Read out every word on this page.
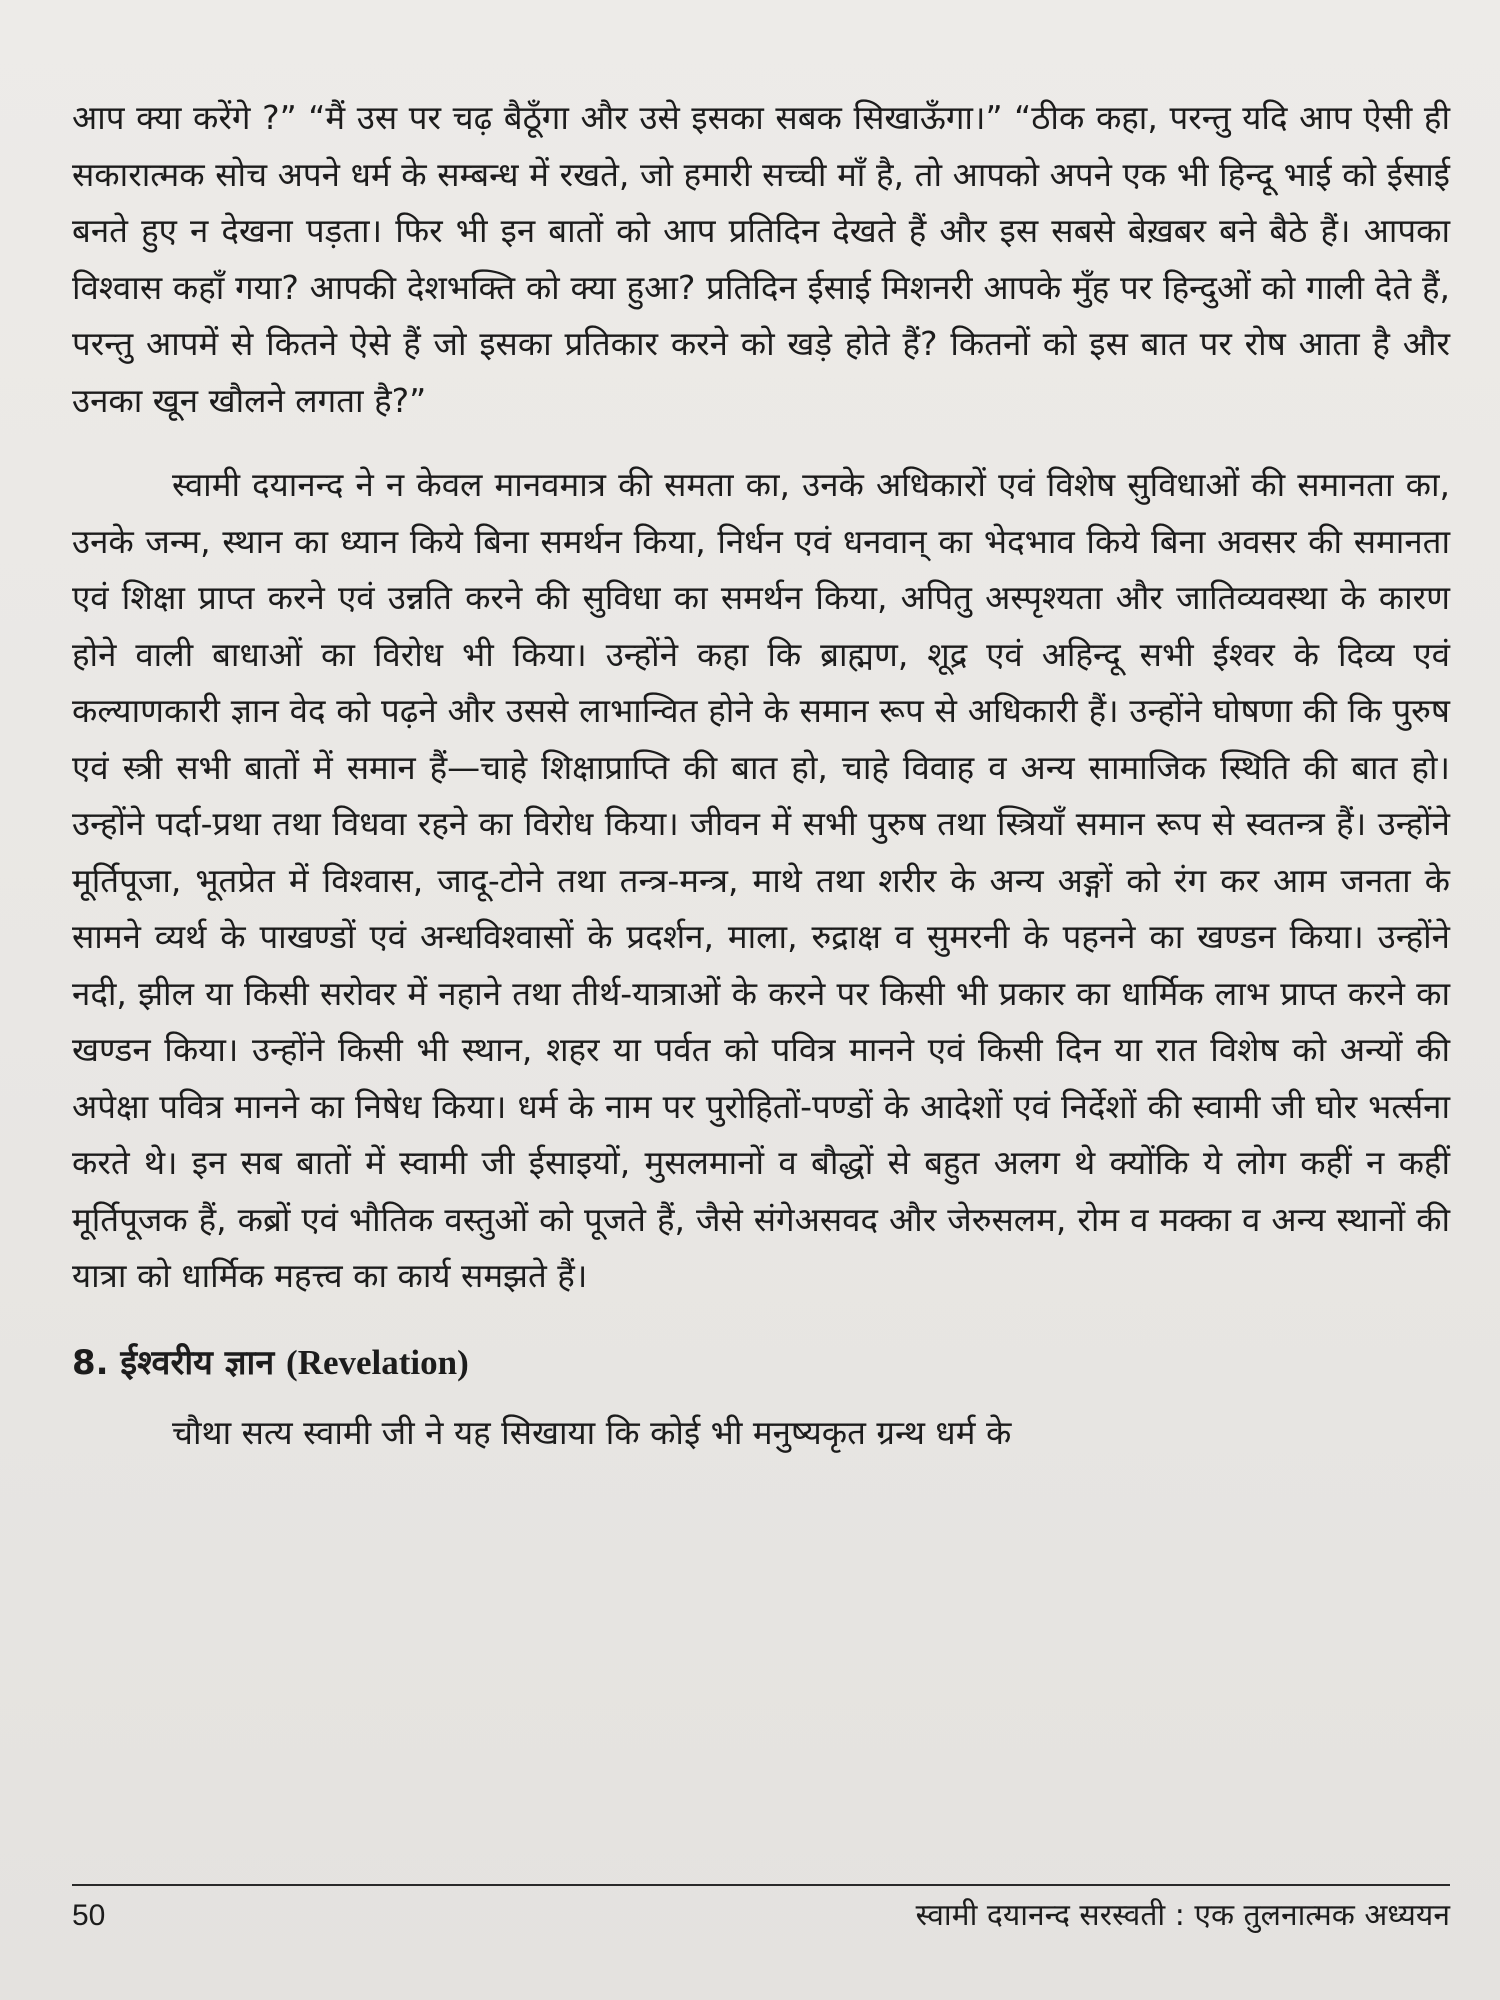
आप क्या करेंगे ?” “मैं उस पर चढ़ बैठूँगा और उसे इसका सबक सिखाऊँगा।” “ठीक कहा, परन्तु यदि आप ऐसी ही सकारात्मक सोच अपने धर्म के सम्बन्ध में रखते, जो हमारी सच्ची माँ है, तो आपको अपने एक भी हिन्दू भाई को ईसाई बनते हुए न देखना पड़ता। फिर भी इन बातों को आप प्रतिदिन देखते हैं और इस सबसे बेख़बर बने बैठे हैं। आपका विश्वास कहाँ गया? आपकी देशभक्ति को क्या हुआ? प्रतिदिन ईसाई मिशनरी आपके मुँह पर हिन्दुओं को गाली देते हैं, परन्तु आपमें से कितने ऐसे हैं जो इसका प्रतिकार करने को खड़े होते हैं? कितनों को इस बात पर रोष आता है और उनका खून खौलने लगता है?”

स्वामी दयानन्द ने न केवल मानवमात्र की समता का, उनके अधिकारों एवं विशेष सुविधाओं की समानता का, उनके जन्म, स्थान का ध्यान किये बिना समर्थन किया, निर्धन एवं धनवान् का भेदभाव किये बिना अवसर की समानता एवं शिक्षा प्राप्त करने एवं उन्नति करने की सुविधा का समर्थन किया, अपितु अस्पृश्यता और जातिव्यवस्था के कारण होने वाली बाधाओं का विरोध भी किया। उन्होंने कहा कि ब्राह्मण, शूद्र एवं अहिन्दू सभी ईश्वर के दिव्य एवं कल्याणकारी ज्ञान वेद को पढ़ने और उससे लाभान्वित होने के समान रूप से अधिकारी हैं। उन्होंने घोषणा की कि पुरुष एवं स्त्री सभी बातों में समान हैं—चाहे शिक्षाप्राप्ति की बात हो, चाहे विवाह व अन्य सामाजिक स्थिति की बात हो। उन्होंने पर्दा-प्रथा तथा विधवा रहने का विरोध किया। जीवन में सभी पुरुष तथा स्त्रियाँ समान रूप से स्वतन्त्र हैं। उन्होंने मूर्तिपूजा, भूतप्रेत में विश्वास, जादू-टोने तथा तन्त्र-मन्त्र, माथे तथा शरीर के अन्य अङ्गों को रंग कर आम जनता के सामने व्यर्थ के पाखण्डों एवं अन्धविश्वासों के प्रदर्शन, माला, रुद्राक्ष व सुमरनी के पहनने का खण्डन किया। उन्होंने नदी, झील या किसी सरोवर में नहाने तथा तीर्थ-यात्राओं के करने पर किसी भी प्रकार का धार्मिक लाभ प्राप्त करने का खण्डन किया। उन्होंने किसी भी स्थान, शहर या पर्वत को पवित्र मानने एवं किसी दिन या रात विशेष को अन्यों की अपेक्षा पवित्र मानने का निषेध किया। धर्म के नाम पर पुरोहितों-पण्डों के आदेशों एवं निर्देशों की स्वामी जी घोर भर्त्सना करते थे। इन सब बातों में स्वामी जी ईसाइयों, मुसलमानों व बौद्धों से बहुत अलग थे क्योंकि ये लोग कहीं न कहीं मूर्तिपूजक हैं, कब्रों एवं भौतिक वस्तुओं को पूजते हैं, जैसे संगेअसवद और जेरुसलम, रोम व मक्का व अन्य स्थानों की यात्रा को धार्मिक महत्त्व का कार्य समझते हैं।

8. ईश्वरीय ज्ञान (Revelation)

चौथा सत्य स्वामी जी ने यह सिखाया कि कोई भी मनुष्यकृत ग्रन्थ धर्म के

50	स्वामी दयानन्द सरस्वती : एक तुलनात्मक अध्ययन
